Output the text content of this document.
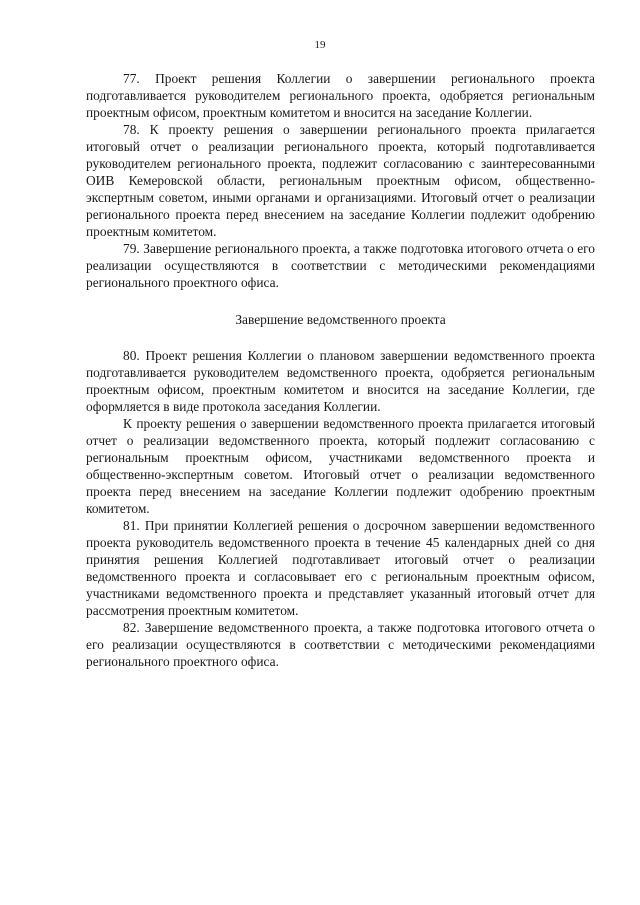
19

77. Проект решения Коллегии о завершении регионального проекта подготавливается руководителем регионального проекта, одобряется региональным проектным офисом, проектным комитетом и вносится на заседание Коллегии.

78. К проекту решения о завершении регионального проекта прилагается итоговый отчет о реализации регионального проекта, который подготавливается руководителем регионального проекта, подлежит согласованию с заинтересованными ОИВ Кемеровской области, региональным проектным офисом, общественно-экспертным советом, иными органами и организациями. Итоговый отчет о реализации регионального проекта перед внесением на заседание Коллегии подлежит одобрению проектным комитетом.

79. Завершение регионального проекта, а также подготовка итогового отчета о его реализации осуществляются в соответствии с методическими рекомендациями регионального проектного офиса.

Завершение ведомственного проекта

80. Проект решения Коллегии о плановом завершении ведомственного проекта подготавливается руководителем ведомственного проекта, одобряется региональным проектным офисом, проектным комитетом и вносится на заседание Коллегии, где оформляется в виде протокола заседания Коллегии.

К проекту решения о завершении ведомственного проекта прилагается итоговый отчет о реализации ведомственного проекта, который подлежит согласованию с региональным проектным офисом, участниками ведомственного проекта и общественно-экспертным советом. Итоговый отчет о реализации ведомственного проекта перед внесением на заседание Коллегии подлежит одобрению проектным комитетом.

81. При принятии Коллегией решения о досрочном завершении ведомственного проекта руководитель ведомственного проекта в течение 45 календарных дней со дня принятия решения Коллегией подготавливает итоговый отчет о реализации ведомственного проекта и согласовывает его с региональным проектным офисом, участниками ведомственного проекта и представляет указанный итоговый отчет для рассмотрения проектным комитетом.

82. Завершение ведомственного проекта, а также подготовка итогового отчета о его реализации осуществляются в соответствии с методическими рекомендациями регионального проектного офиса.
